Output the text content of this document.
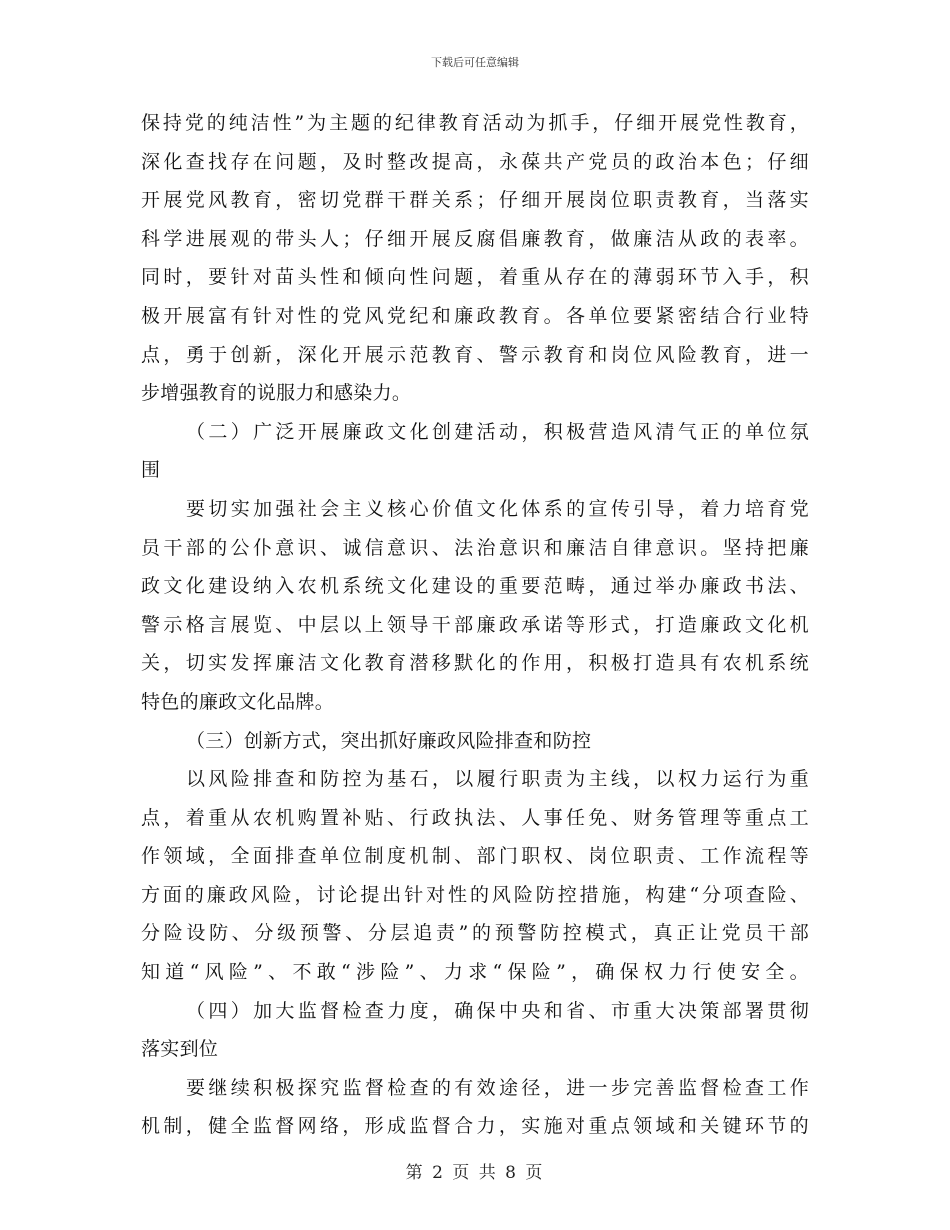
下载后可任意编辑
保持党的纯洁性”为主题的纪律教育活动为抓手，仔细开展党性教育，
深化查找存在问题，及时整改提高，永葆共产党员的政治本色；仔细
开展党风教育，密切党群干群关系；仔细开展岗位职责教育，当落实
科学进展观的带头人；仔细开展反腐倡廉教育，做廉洁从政的表率。
同时，要针对苗头性和倾向性问题，着重从存在的薄弱环节入手，积
极开展富有针对性的党风党纪和廉政教育。各单位要紧密结合行业特
点，勇于创新，深化开展示范教育、警示教育和岗位风险教育，进一
步增强教育的说服力和感染力。
（二）广泛开展廉政文化创建活动，积极营造风清气正的单位氛
围
要切实加强社会主义核心价值文化体系的宣传引导，着力培育党
员干部的公仆意识、诚信意识、法治意识和廉洁自律意识。坚持把廉
政文化建设纳入农机系统文化建设的重要范畴，通过举办廉政书法、
警示格言展览、中层以上领导干部廉政承诺等形式，打造廉政文化机
关，切实发挥廉洁文化教育潜移默化的作用，积极打造具有农机系统
特色的廉政文化品牌。
（三）创新方式，突出抓好廉政风险排查和防控
以风险排查和防控为基石，以履行职责为主线，以权力运行为重
点，着重从农机购置补贴、行政执法、人事任免、财务管理等重点工
作领域，全面排查单位制度机制、部门职权、岗位职责、工作流程等
方面的廉政风险，讨论提出针对性的风险防控措施，构建“分项查险、
分险设防、分级预警、分层追责”的预警防控模式，真正让党员干部
知道“风险”、不敢“涉险”、力求“保险”，确保权力行使安全。
（四）加大监督检查力度，确保中央和省、市重大决策部署贯彻
落实到位
要继续积极探究监督检查的有效途径，进一步完善监督检查工作
机制，健全监督网络，形成监督合力，实施对重点领域和关键环节的
第 2 页 共 8 页
